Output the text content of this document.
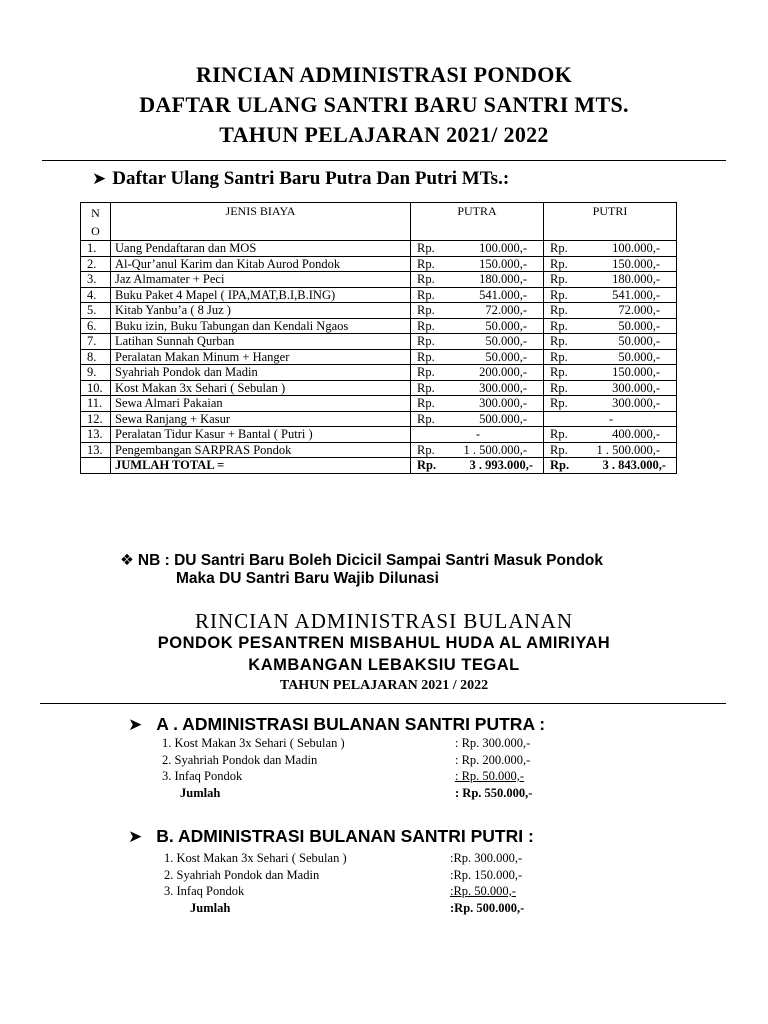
RINCIAN ADMINISTRASI PONDOK
DAFTAR ULANG SANTRI BARU SANTRI MTS.
TAHUN PELAJARAN 2021/ 2022
➤ Daftar Ulang Santri Baru Putra Dan Putri MTs.:
N
O	JENIS BIAYA	PUTRA	PUTRI
1.	Uang Pendaftaran dan MOS	Rp. 100.000,-	Rp. 100.000,-
2.	Al-Qur’anul Karim dan Kitab Aurod Pondok	Rp. 150.000,-	Rp. 150.000,-
3.	Jaz Almamater + Peci	Rp. 180.000,-	Rp. 180.000,-
4.	Buku Paket 4 Mapel ( IPA,MAT,B.I,B.ING)	Rp. 541.000,-	Rp. 541.000,-
5.	Kitab Yanbu’a ( 8 Juz )	Rp. 72.000,-	Rp. 72.000,-
6.	Buku izin, Buku Tabungan dan Kendali Ngaos	Rp. 50.000,-	Rp. 50.000,-
7.	Latihan Sunnah Qurban	Rp. 50.000,-	Rp. 50.000,-
8.	Peralatan Makan Minum + Hanger	Rp. 50.000,-	Rp. 50.000,-
9.	Syahriah Pondok dan Madin	Rp. 200.000,-	Rp. 150.000,-
10.	Kost Makan 3x Sehari ( Sebulan )	Rp. 300.000,-	Rp. 300.000,-
11.	Sewa Almari Pakaian	Rp. 300.000,-	Rp. 300.000,-
12.	Sewa Ranjang + Kasur	Rp. 500.000,-	-
13.	Peralatan Tidur Kasur + Bantal ( Putri )	-	Rp. 400.000,-
13.	Pengembangan SARPRAS Pondok	Rp. 1 . 500.000,-	Rp. 1 . 500.000,-
	JUMLAH TOTAL =	Rp. 3 . 993.000,-	Rp. 3 . 843.000,-
❖ NB : DU Santri Baru Boleh Dicicil Sampai Santri Masuk Pondok
Maka DU Santri Baru Wajib Dilunasi
RINCIAN ADMINISTRASI BULANAN
PONDOK PESANTREN MISBAHUL HUDA AL AMIRIYAH
KAMBANGAN LEBAKSIU TEGAL
TAHUN PELAJARAN 2021 / 2022
➤ A . ADMINISTRASI BULANAN SANTRI PUTRA :
1. Kost Makan 3x Sehari ( Sebulan )	: Rp. 300.000,-
2. Syahriah Pondok dan Madin	: Rp. 200.000,-
3. Infaq Pondok	: Rp. 50.000,-
Jumlah	: Rp. 550.000,-
➤ B. ADMINISTRASI BULANAN SANTRI PUTRI :
1. Kost Makan 3x Sehari ( Sebulan )	:Rp. 300.000,-
2. Syahriah Pondok dan Madin	:Rp. 150.000,-
3. Infaq Pondok	:Rp. 50.000,-
Jumlah	:Rp. 500.000,-
